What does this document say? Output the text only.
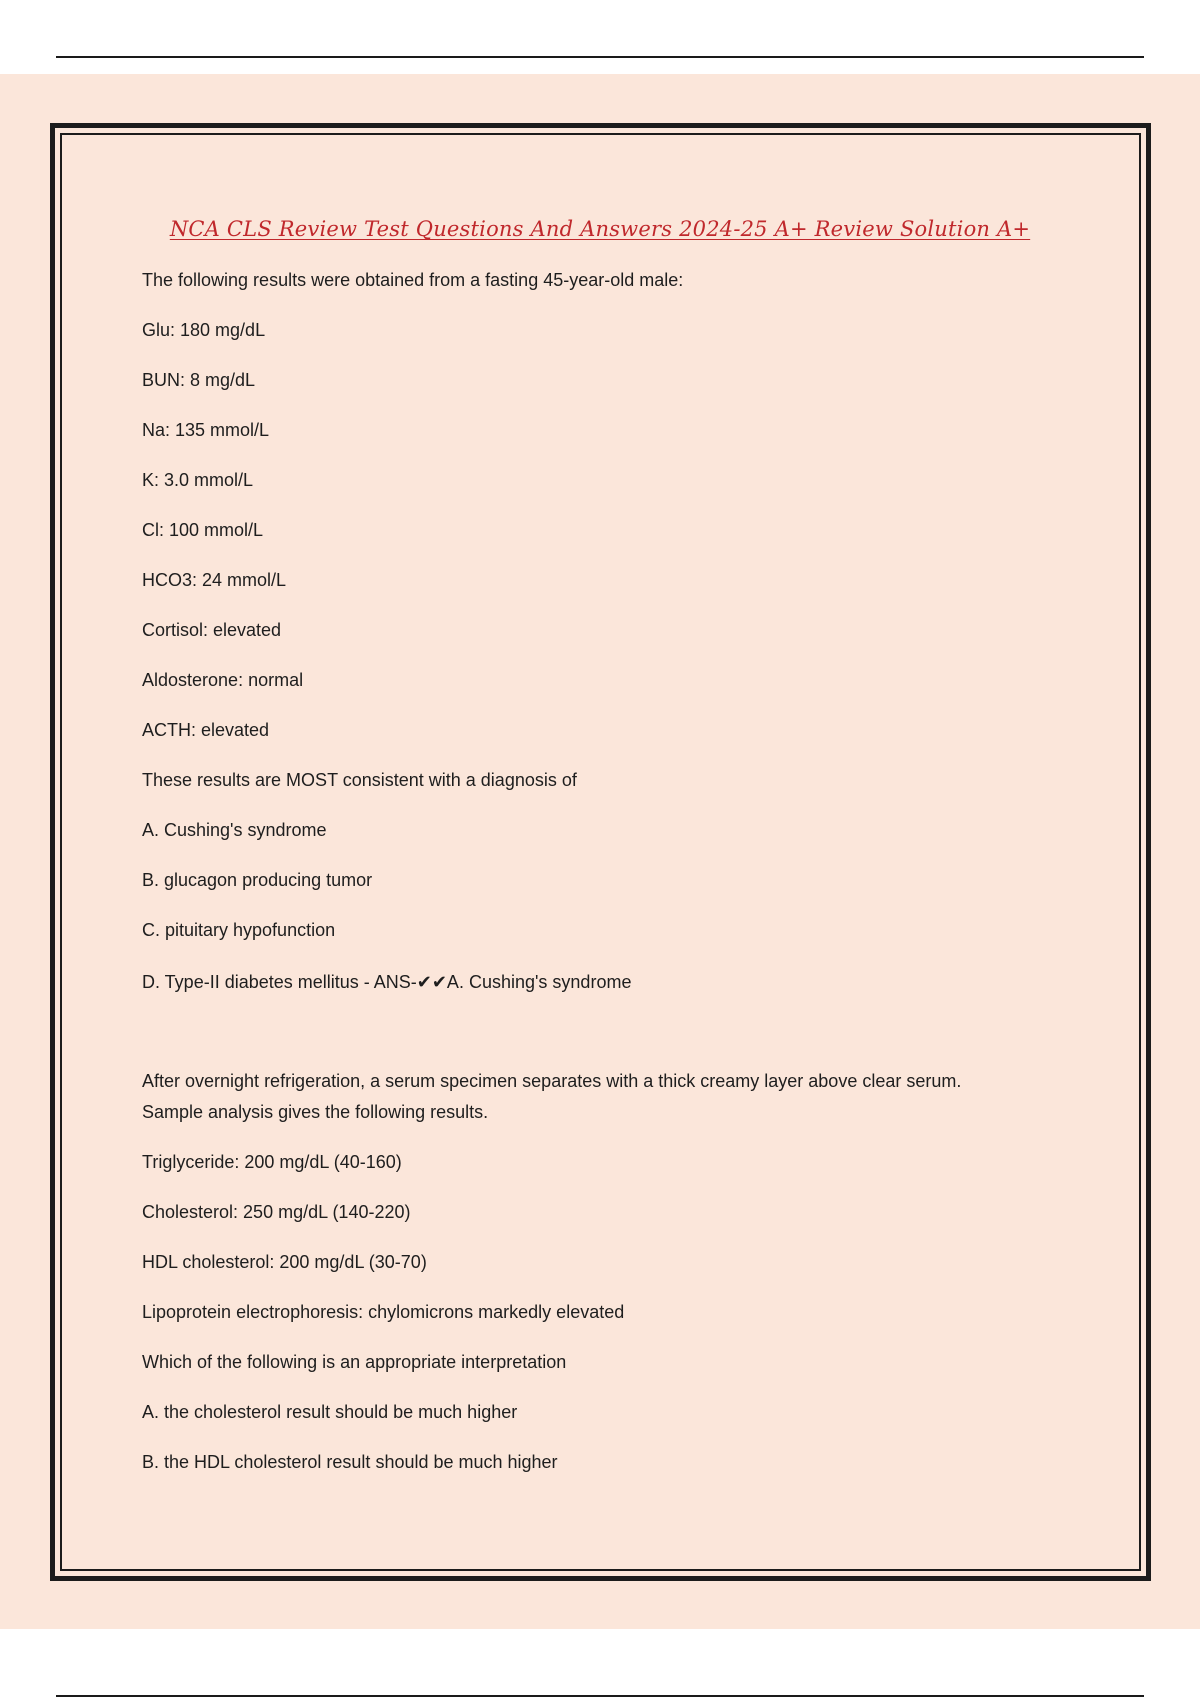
NCA CLS Review Test Questions And Answers 2024-25 A+ Review Solution A+

The following results were obtained from a fasting 45-year-old male:

Glu: 180 mg/dL

BUN: 8 mg/dL

Na: 135 mmol/L

K: 3.0 mmol/L

Cl: 100 mmol/L

HCO3: 24 mmol/L

Cortisol: elevated

Aldosterone: normal

ACTH: elevated

These results are MOST consistent with a diagnosis of

A. Cushing's syndrome

B. glucagon producing tumor

C. pituitary hypofunction

D. Type-II diabetes mellitus - ANS-✔✔A. Cushing's syndrome

After overnight refrigeration, a serum specimen separates with a thick creamy layer above clear serum.

Sample analysis gives the following results.

Triglyceride: 200 mg/dL (40-160)

Cholesterol: 250 mg/dL (140-220)

HDL cholesterol: 200 mg/dL (30-70)

Lipoprotein electrophoresis: chylomicrons markedly elevated

Which of the following is an appropriate interpretation

A. the cholesterol result should be much higher

B. the HDL cholesterol result should be much higher
